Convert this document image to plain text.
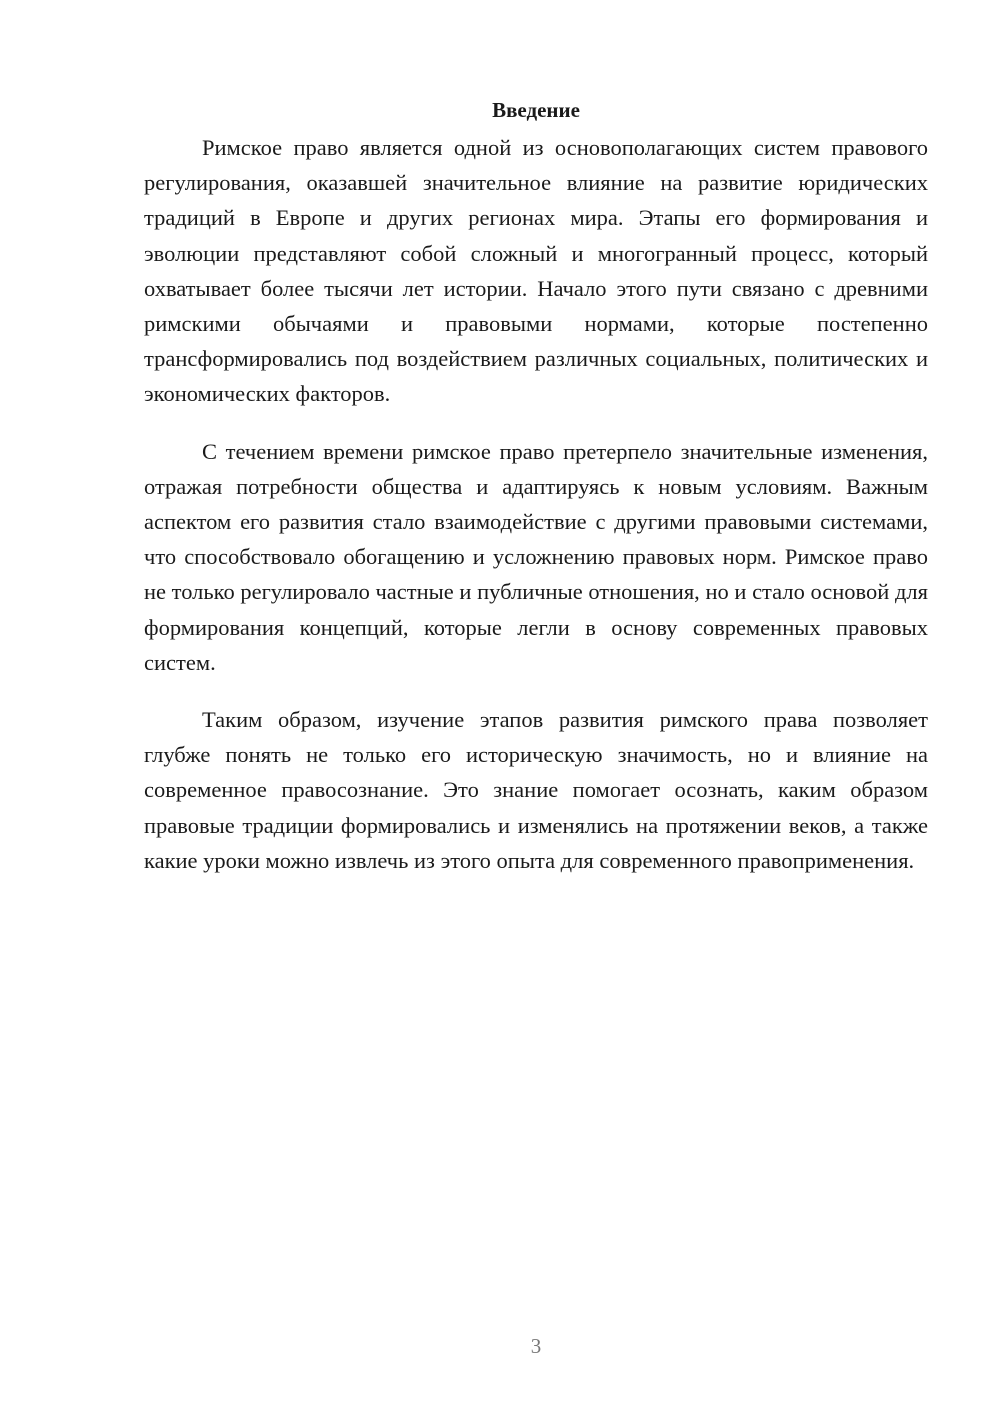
Введение

Римское право является одной из основополагающих систем правового регулирования, оказавшей значительное влияние на развитие юридических традиций в Европе и других регионах мира. Этапы его формирования и эволюции представляют собой сложный и многогранный процесс, который охватывает более тысячи лет истории. Начало этого пути связано с древними римскими обычаями и правовыми нормами, которые постепенно трансформировались под воздействием различных социальных, политических и экономических факторов.

С течением времени римское право претерпело значительные изменения, отражая потребности общества и адаптируясь к новым условиям. Важным аспектом его развития стало взаимодействие с другими правовыми системами, что способствовало обогащению и усложнению правовых норм. Римское право не только регулировало частные и публичные отношения, но и стало основой для формирования концепций, которые легли в основу современных правовых систем.

Таким образом, изучение этапов развития римского права позволяет глубже понять не только его историческую значимость, но и влияние на современное правосознание. Это знание помогает осознать, каким образом правовые традиции формировались и изменялись на протяжении веков, а также какие уроки можно извлечь из этого опыта для современного правоприменения.

3
